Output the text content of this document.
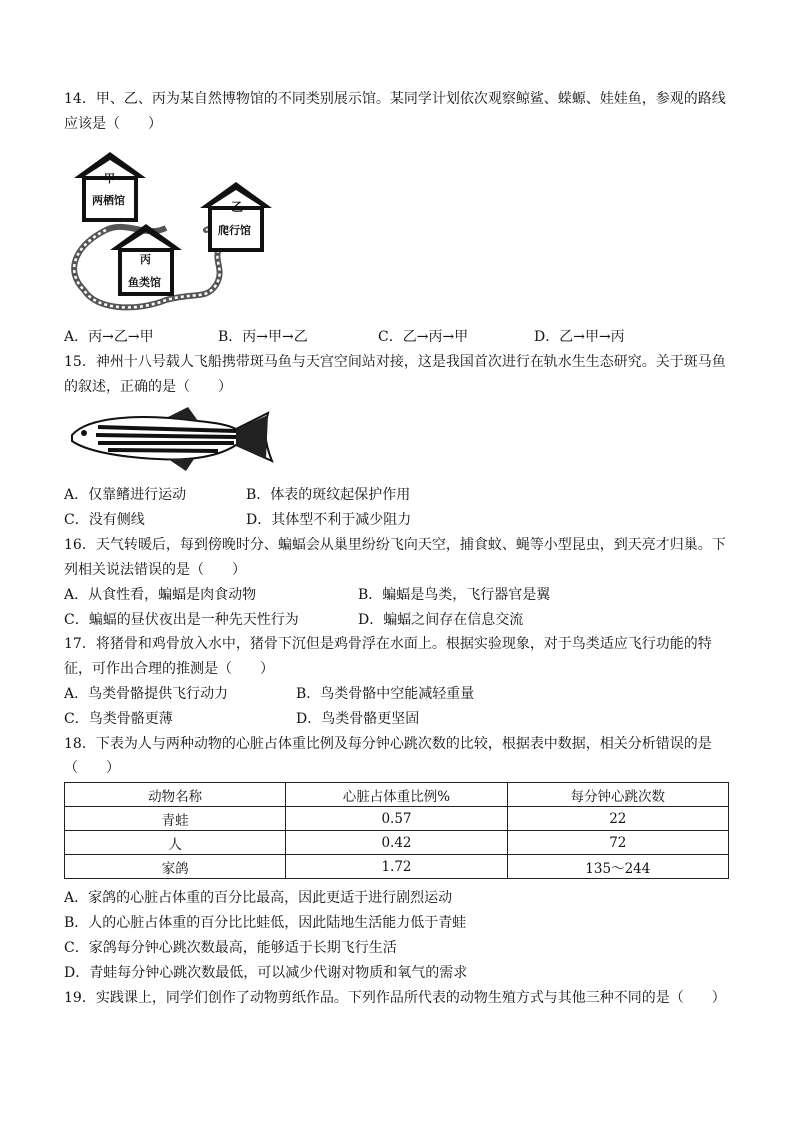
14．甲、乙、丙为某自然博物馆的不同类别展示馆。某同学计划依次观察鲸鲨、蝾螈、娃娃鱼，参观的路线
应该是（　　）
甲
两栖馆	乙
爬行馆
丙
鱼类馆
A．丙→乙→甲	B．丙→甲→乙	C．乙→丙→甲	D．乙→甲→丙
15．神州十八号载人飞船携带斑马鱼与天宫空间站对接，这是我国首次进行在轨水生生态研究。关于斑马鱼
的叙述，正确的是（　　）
A．仅靠鳍进行运动	B．体表的斑纹起保护作用
C．没有侧线	D．其体型不利于减少阻力
16．天气转暖后，每到傍晚时分、蝙蝠会从巢里纷纷飞向天空，捕食蚊、蝇等小型昆虫，到天亮才归巢。下
列相关说法错误的是（　　）
A．从食性看，蝙蝠是肉食动物	B．蝙蝠是鸟类，飞行器官是翼
C．蝙蝠的昼伏夜出是一种先天性行为	D．蝙蝠之间存在信息交流
17．将猪骨和鸡骨放入水中，猪骨下沉但是鸡骨浮在水面上。根据实验现象，对于鸟类适应飞行功能的特
征，可作出合理的推测是（　　）
A．鸟类骨骼提供飞行动力	B．鸟类骨骼中空能减轻重量
C．鸟类骨骼更薄	D．鸟类骨骼更坚固
18．下表为人与两种动物的心脏占体重比例及每分钟心跳次数的比较，根据表中数据，相关分析错误的是
（　　）
动物名称	心脏占体重比例%	每分钟心跳次数
青蛙	0.57	22
人	0.42	72
家鸽	1.72	135～244
A．家鸽的心脏占体重的百分比最高，因此更适于进行剧烈运动
B．人的心脏占体重的百分比比蛙低，因此陆地生活能力低于青蛙
C．家鸽每分钟心跳次数最高，能够适于长期飞行生活
D．青蛙每分钟心跳次数最低，可以减少代谢对物质和氧气的需求
19．实践课上，同学们创作了动物剪纸作品。下列作品所代表的动物生殖方式与其他三种不同的是（　　）
